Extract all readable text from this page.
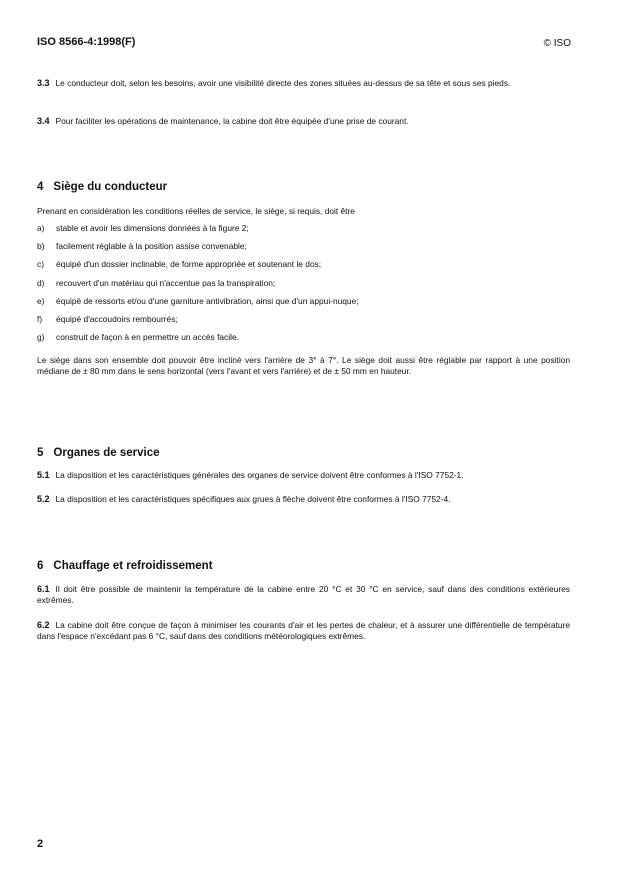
ISO 8566-4:1998(F)	© ISO

3.3 Le conducteur doit, selon les besoins, avoir une visibilité directe des zones situées au-dessus de sa tête et sous ses pieds.

3.4 Pour faciliter les opérations de maintenance, la cabine doit être équipée d'une prise de courant.

4 Siège du conducteur

Prenant en considération les conditions réelles de service, le siège, si requis, doit être

a) stable et avoir les dimensions données à la figure 2;
b) facilement réglable à la position assise convenable;
c) équipé d'un dossier inclinable, de forme appropriée et soutenant le dos;
d) recouvert d'un matériau qui n'accentue pas la transpiration;
e) équipé de ressorts et/ou d'une garniture antivibration, ainsi que d'un appui-nuque;
f) équipé d'accoudoirs rembourrés;
g) construit de façon à en permettre un accès facile.

Le siège dans son ensemble doit pouvoir être incliné vers l'arrière de 3° à 7°. Le siège doit aussi être réglable par rapport à une position médiane de ± 80 mm dans le sens horizontal (vers l'avant et vers l'arrière) et de ± 50 mm en hauteur.

5 Organes de service

5.1 La disposition et les caractéristiques générales des organes de service doivent être conformes à l'ISO 7752-1.

5.2 La disposition et les caractéristiques spécifiques aux grues à flèche doivent être conformes à l'ISO 7752-4.

6 Chauffage et refroidissement

6.1 Il doit être possible de maintenir la température de la cabine entre 20 °C et 30 °C en service, sauf dans des conditions extérieures extrêmes.

6.2 La cabine doit être conçue de façon à minimiser les courants d'air et les pertes de chaleur, et à assurer une différentielle de température dans l'espace n'excédant pas 6 °C, sauf dans des conditions météorologiques extrêmes.

2
